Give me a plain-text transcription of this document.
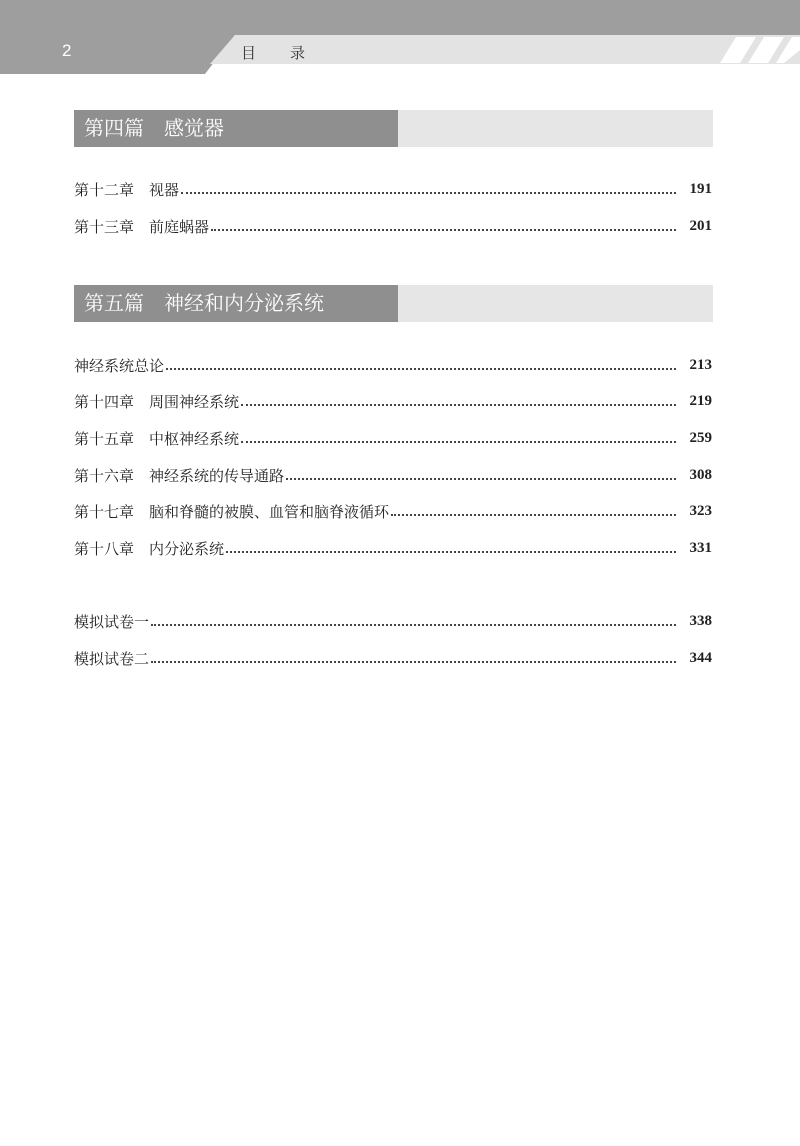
2	目录
第四篇　感觉器
第十二章　视器	191
第十三章　前庭蜗器	201
第五篇　神经和内分泌系统
神经系统总论	213
第十四章　周围神经系统	219
第十五章　中枢神经系统	259
第十六章　神经系统的传导通路	308
第十七章　脑和脊髓的被膜、血管和脑脊液循环	323
第十八章　内分泌系统	331
模拟试卷一	338
模拟试卷二	344
